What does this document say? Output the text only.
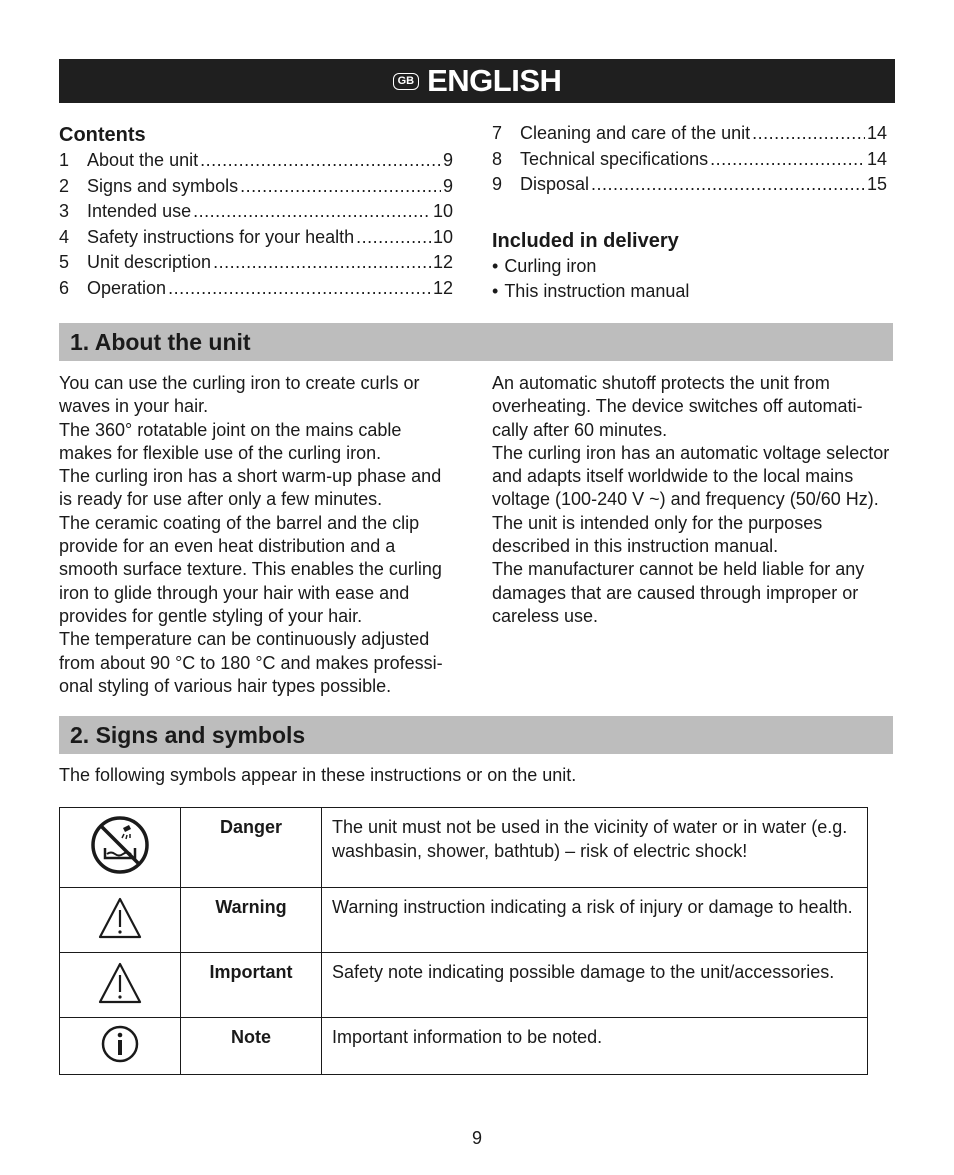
GB ENGLISH
Contents
1 About the unit .....	9
2 Signs and symbols .....	9
3 Intended use .....	10
4 Safety instructions for your health .....	10
5 Unit description .....	12
6 Operation .....	12
7 Cleaning and care of the unit .....	14
8 Technical specifications .....	14
9 Disposal .....	15
Included in delivery
• Curling iron
• This instruction manual
1. About the unit

You can use the curling iron to create curls or waves in your hair.

The 360° rotatable joint on the mains cable makes for flexible use of the curling iron.

The curling iron has a short warm-up phase and is ready for use after only a few minutes.

The ceramic coating of the barrel and the clip provide for an even heat distribution and a smooth surface texture. This enables the curling iron to glide through your hair with ease and provides for gentle styling of your hair.

The temperature can be continuously adjusted from about 90 °C to 180 °C and makes professi-onal styling of various hair types possible.

An automatic shutoff protects the unit from overheating. The device switches off automati-cally after 60 minutes.

The curling iron has an automatic voltage selector and adapts itself worldwide to the local mains voltage (100-240 V ~) and frequency (50/60 Hz).

The unit is intended only for the purposes described in this instruction manual.

The manufacturer cannot be held liable for any damages that are caused through improper or careless use.

2. Signs and symbols
The following symbols appear in these instructions or on the unit.
	Danger	The unit must not be used in the vicinity of water or in water (e.g. washbasin, shower, bathtub) – risk of electric shock!
	Warning	Warning instruction indicating a risk of injury or damage to health.
	Important	Safety note indicating possible damage to the unit/accessories.
	Note	Important information to be noted.
9
